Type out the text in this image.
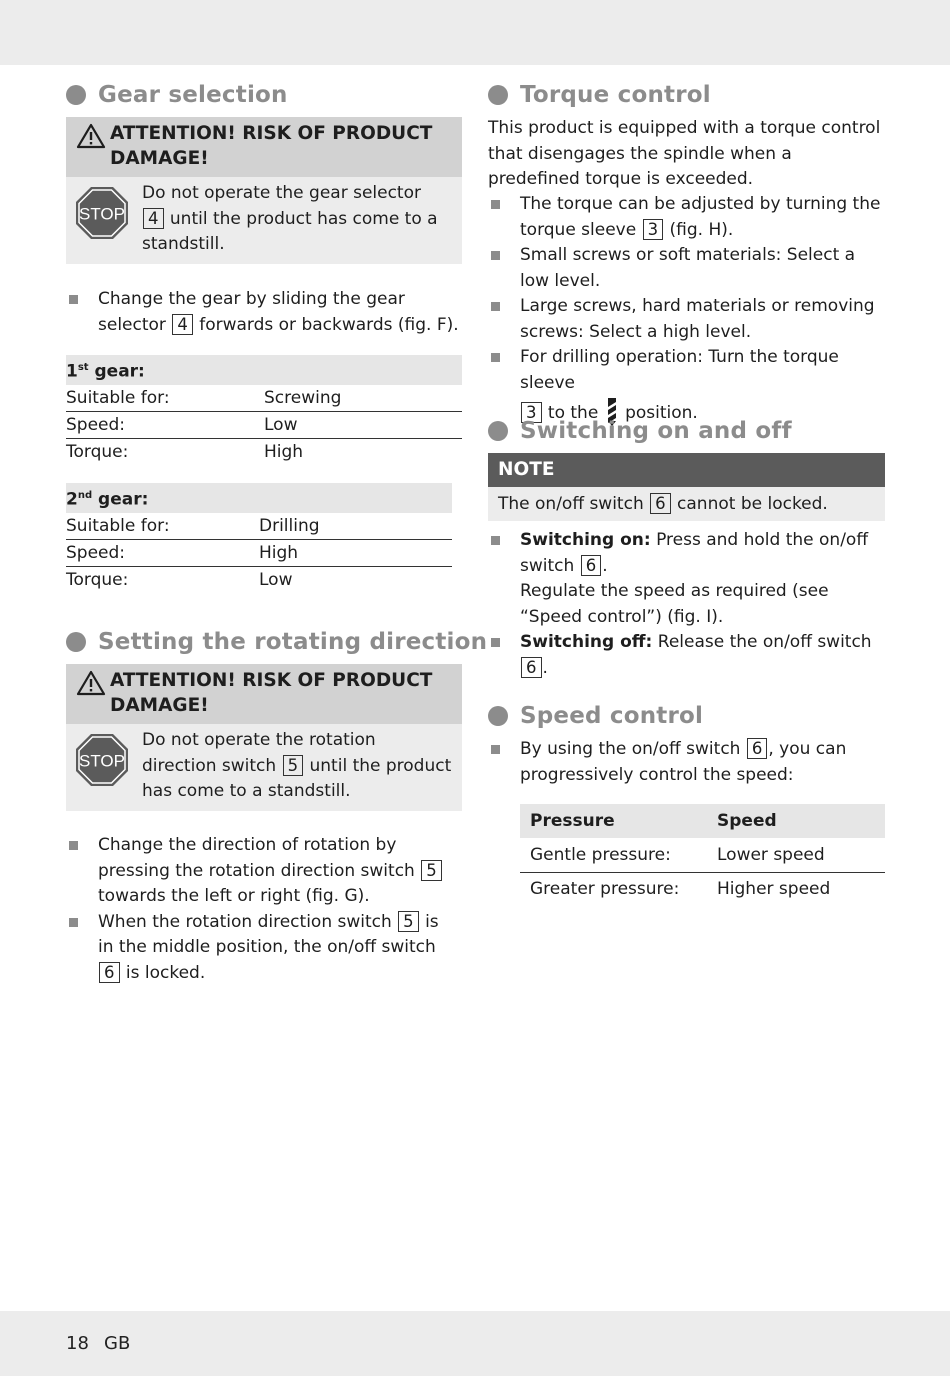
Gear selection
ATTENTION! RISK OF PRODUCT DAMAGE!
STOP
Do not operate the gear selector
4 until the product has come to a standstill.
Change the gear by sliding the gear selector 4 forwards or backwards (fig. F).
1st gear:	
Suitable for:	Screwing
Speed:	Low
Torque:	High
2nd gear:	
Suitable for:	Drilling
Speed:	High
Torque:	Low
Setting the rotating direction
ATTENTION! RISK OF PRODUCT DAMAGE!
STOP
Do not operate the rotation direction switch 5 until the product has come to a standstill.
Change the direction of rotation by pressing the rotation direction switch 5 towards the left or right (fig. G).
When the rotation direction switch 5 is in the middle position, the on/off switch 6 is locked.
Torque control

This product is equipped with a torque control that disengages the spindle when a predefined torque is exceeded.

The torque can be adjusted by turning the torque sleeve 3 (fig. H).
Small screws or soft materials: Select a low level.
Large screws, hard materials or removing screws: Select a high level.
For drilling operation: Turn the torque sleeve
3 to the position.
Switching on and off
NOTE
The on/off switch 6 cannot be locked.
Switching on: Press and hold the on/off switch 6 .
Regulate the speed as required (see “Speed control”) (fig. I).
Switching off: Release the on/off switch
6 .
Speed control
By using the on/off switch 6 , you can progressively control the speed:
Pressure	Speed
Gentle pressure:	Lower speed
Greater pressure:	Higher speed
18 GB
